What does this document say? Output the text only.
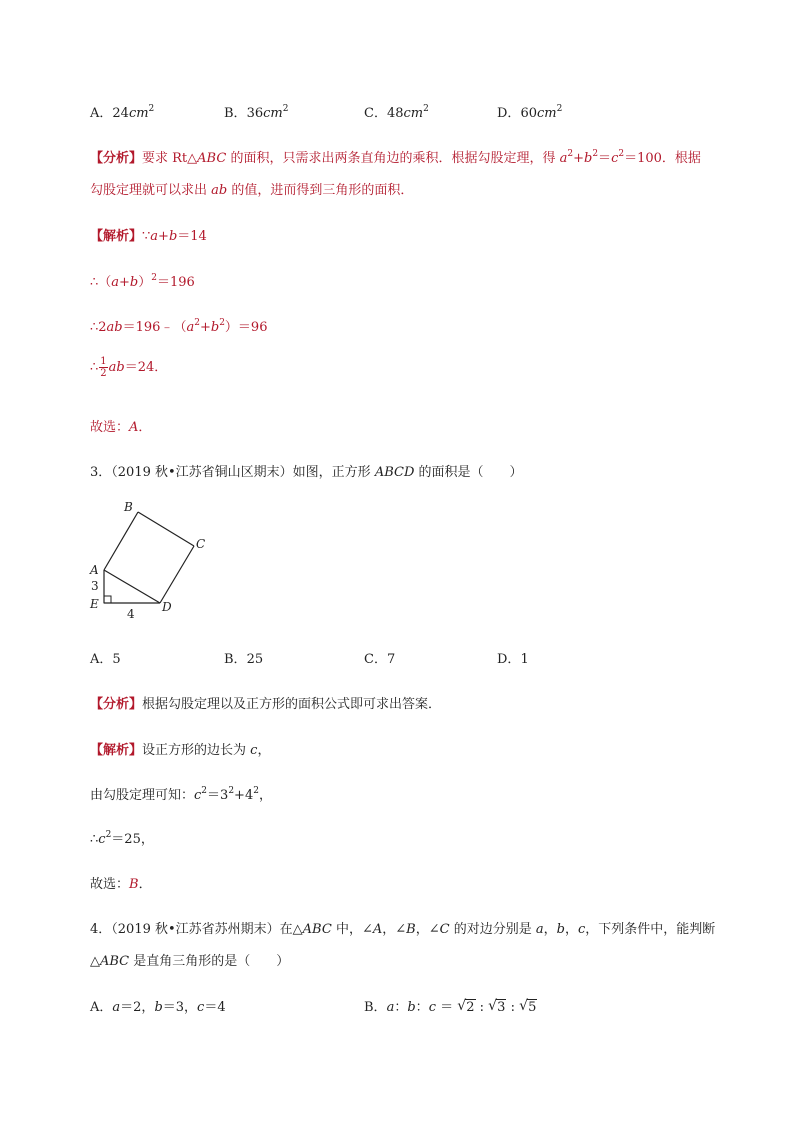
A．$24cm^2$	B．$36cm^2$	C．$48cm^2$	D．$60cm^2$
【分析】要求 Rt△ABC 的面积，只需求出两条直角边的乘积．根据勾股定理，得 $a^2+b^2=c^2=100$．根据
勾股定理就可以求出 ab 的值，进而得到三角形的面积．
【解析】∵a+b＝14
$\therefore(a+b)^2=196$
$\therefore 2ab=196﹣(a^2+b^2)=96$
∴ $\frac{1}{2} ab=24$．
故选：A．
3．（2019 秋•江苏省铜山区期末）如图，正方形 ABCD 的面积是（　　）
B
C
A
E	D
3
4
A．5	B．25	C．7	D．1
【分析】根据勾股定理以及正方形的面积公式即可求出答案．
【解析】设正方形的边长为 c，
由勾股定理可知：$c^2=3^2+4^2$，
$\therefore c^2=25$，
故选：B．
4．（2019 秋•江苏省苏州期末）在△ABC 中，∠A，∠B，∠C 的对边分别是 a，b，c，下列条件中，能判断
△ABC 是直角三角形的是（　　）
A．a＝2，b＝3，c＝4	B．a：b：c ＝ √ 2 : √ 3 : √ 5
